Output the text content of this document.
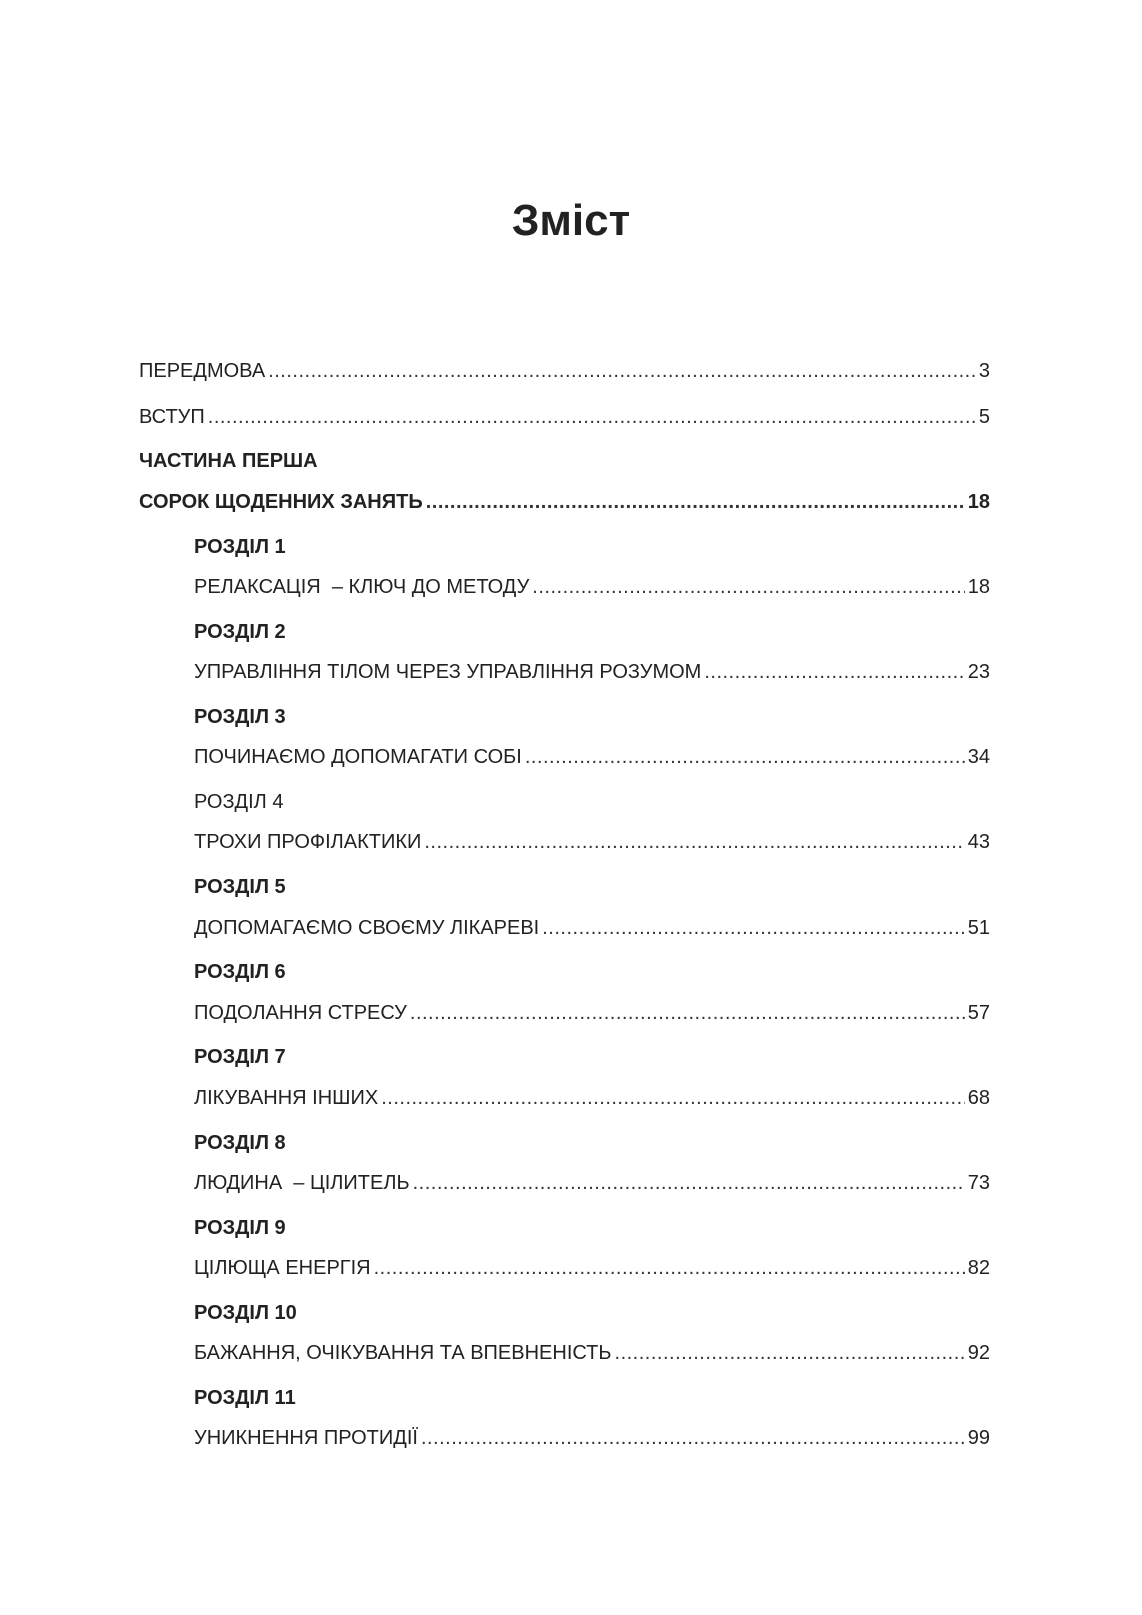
Зміст
ПЕРЕДМОВА .....	3
ВСТУП .....	5
ЧАСТИНА ПЕРША
СОРОК ЩОДЕННИХ ЗАНЯТЬ .....	18
РОЗДІЛ 1
РЕЛАКСАЦІЯ  – КЛЮЧ ДО МЕТОДУ .....	18
РОЗДІЛ 2
УПРАВЛІННЯ ТІЛОМ ЧЕРЕЗ УПРАВЛІННЯ РОЗУМОМ .....	23
РОЗДІЛ 3
ПОЧИНАЄМО ДОПОМАГАТИ СОБІ .....	34
РОЗДІЛ 4
ТРОХИ ПРОФІЛАКТИКИ .....	43
РОЗДІЛ 5
ДОПОМАГАЄМО СВОЄМУ ЛІКАРЕВІ .....	51
РОЗДІЛ 6
ПОДОЛАННЯ СТРЕСУ .....	57
РОЗДІЛ 7
ЛІКУВАННЯ ІНШИХ .....	68
РОЗДІЛ 8
ЛЮДИНА  – ЦІЛИТЕЛЬ .....	73
РОЗДІЛ 9
ЦІЛЮЩА ЕНЕРГІЯ .....	82
РОЗДІЛ 10
БАЖАННЯ, ОЧІКУВАННЯ ТА ВПЕВНЕНІСТЬ .....	92
РОЗДІЛ 11
УНИКНЕННЯ ПРОТИДІЇ .....	99
